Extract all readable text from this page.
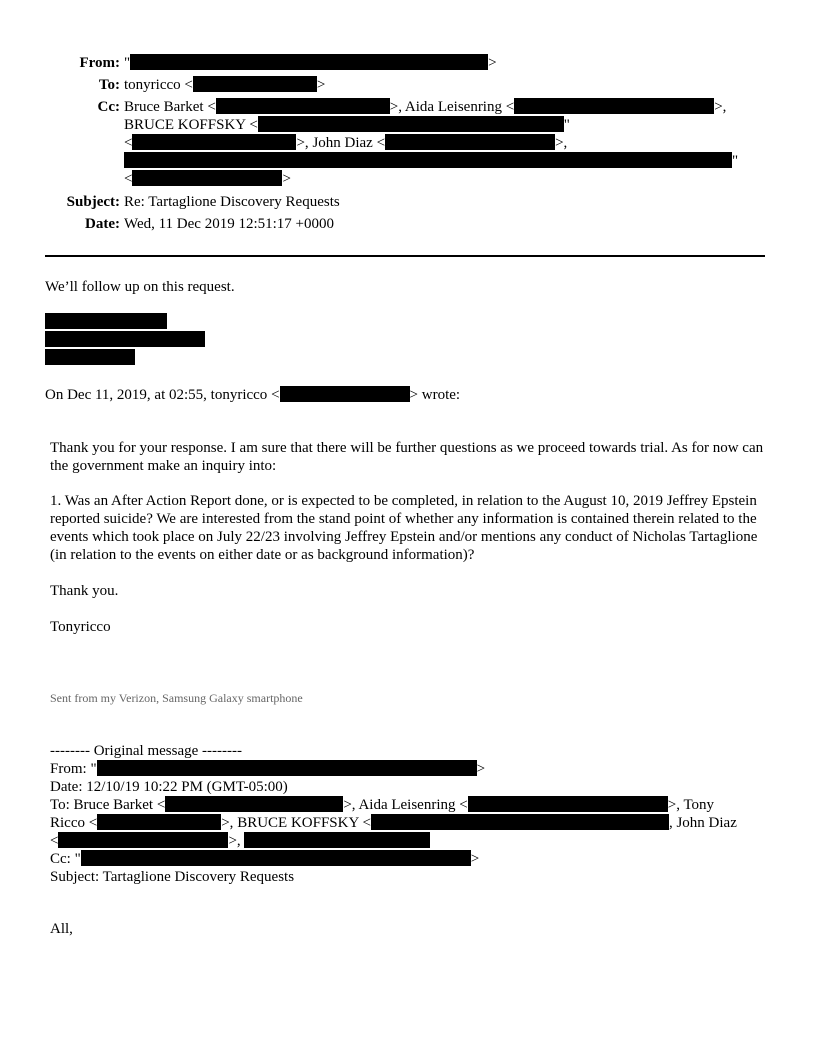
From: "	>
To: tonyricco <	>
Cc: Bruce Barket <	>, Aida Leisenring <	>,
BRUCE KOFFSKY <	"
<	>, John Diaz <	>,
"
<	>
Subject: Re: Tartaglione Discovery Requests
Date: Wed, 11 Dec 2019 12:51:17 +0000
We’ll follow up on this request.
On Dec 11, 2019, at 02:55, tonyricco <	> wrote:
Thank you for your response. I am sure that there will be further questions as we proceed towards trial. As for now can the government make an inquiry into:
1. Was an After Action Report done, or is expected to be completed, in relation to the August 10, 2019 Jeffrey Epstein reported suicide? We are interested from the stand point of whether any information is contained therein related to the events which took place on July 22/23 involving Jeffrey Epstein and/or mentions any conduct of Nicholas Tartaglione (in relation to the events on either date or as background information)?
Thank you.
Tonyricco
Sent from my Verizon, Samsung Galaxy smartphone
-------- Original message --------
From: "	>
Date: 12/10/19 10:22 PM (GMT-05:00)
To: Bruce Barket <	>, Aida Leisenring <	>, Tony
Ricco <	>, BRUCE KOFFSKY <	, John Diaz
<	>,
Cc: "	>
Subject: Tartaglione Discovery Requests
All,
